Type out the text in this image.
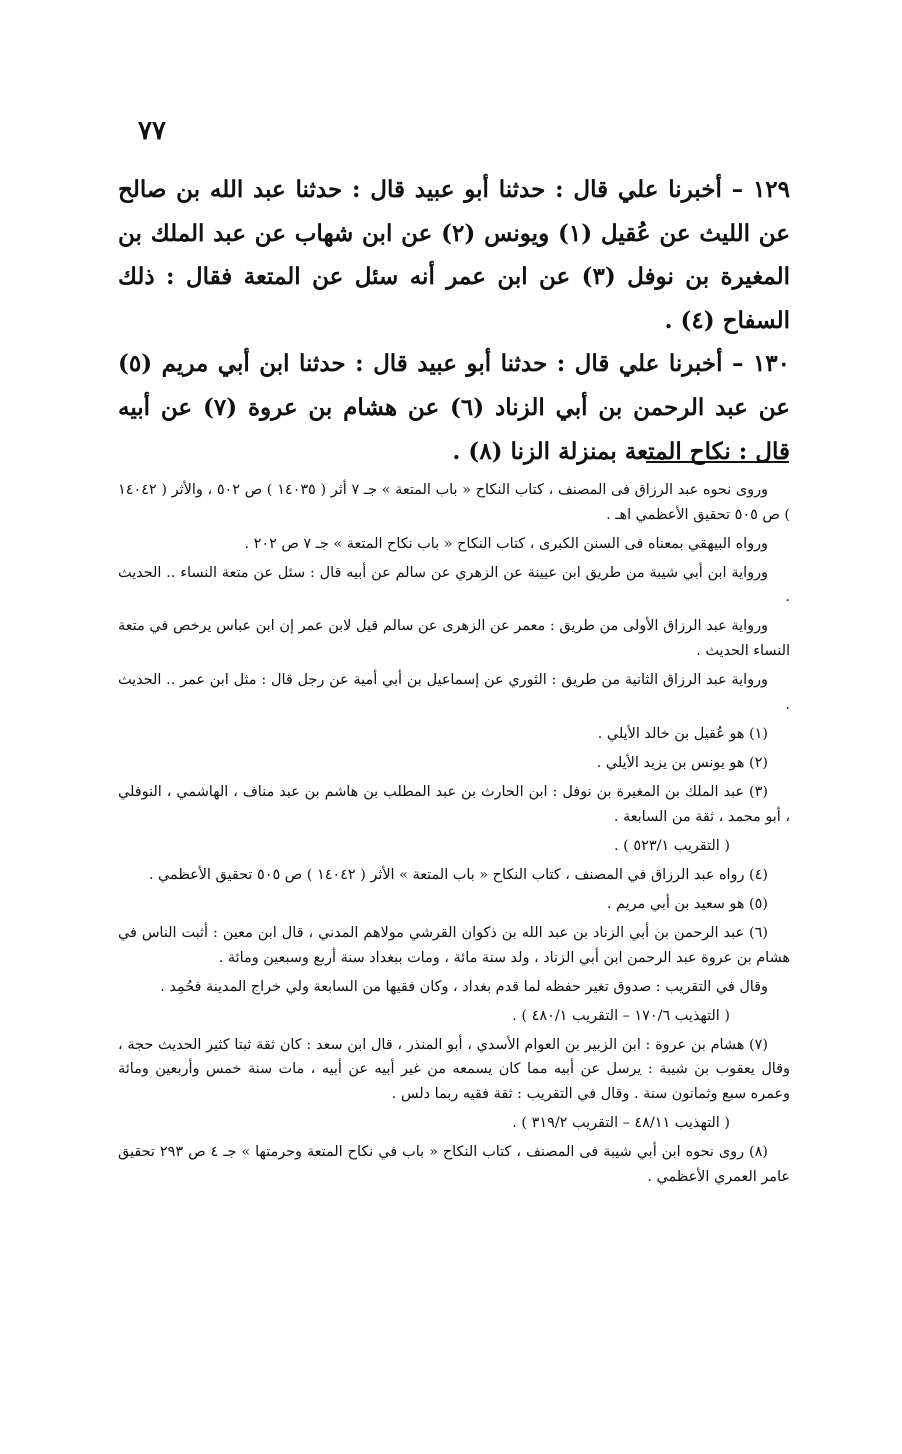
٧٧

١٢٩ – أخبرنا علي قال : حدثنا أبو عبيد قال : حدثنا عبد الله بن صالح عن الليث عن عُقيل (١) ويونس (٢) عن ابن شهاب عن عبد الملك بن المغيرة بن نوفل (٣) عن ابن عمر أنه سئل عن المتعة فقال : ذلك السفاح (٤) .

١٣٠ – أخبرنا علي قال : حدثنا أبو عبيد قال : حدثنا ابن أبي مريم (٥) عن عبد الرحمن بن أبي الزناد (٦) عن هشام بن عروة (٧) عن أبيه قال : نكاح المتعة بمنزلة الزنا (٨) .

وروى نحوه عبد الرزاق فى المصنف ، كتاب النكاح « باب المتعة » جـ ٧ أثر ( ١٤٠٣٥ ) ص ٥٠٢ ، والأثر ( ١٤٠٤٢ ) ص ٥٠٥ تحقيق الأعظمي اهـ .

ورواه البيهقي بمعناه فى السنن الكبرى ، كتاب النكاح « باب نكاح المتعة » جـ ٧ ص ٢٠٢ .

ورواية ابن أبي شيبة من طريق ابن عيينة عن الزهري عن سالم عن أبيه قال : سئل عن متعة النساء .. الحديث .

ورواية عبد الرزاق الأولى من طريق : معمر عن الزهرى عن سالم قيل لابن عمر إن ابن عباس يرخص في متعة النساء الحديث .

ورواية عبد الرزاق الثانية من طريق : الثوري عن إسماعيل بن أبي أمية عن رجل قال : مثل ابن عمر .. الحديث .

(١) هو عُقيل بن خالد الأيلي .

(٢) هو يونس بن يزيد الأيلي .

(٣) عبد الملك بن المغيرة بن نوفل : ابن الحارث بن عبد المطلب بن هاشم بن عبد مناف ، الهاشمي ، النوفلي ، أبو محمد ، ثقة من السابعة .

( التقريب ٥٢٣/١ ) .

(٤) رواه عبد الرزاق في المصنف ، كتاب النكاح « باب المتعة » الأثر ( ١٤٠٤٢ ) ص ٥٠٥ تحقيق الأعظمي .

(٥) هو سعيد بن أبي مريم .

(٦) عبد الرحمن بن أبي الزناد بن عبد الله بن ذكوان القرشي مولاهم المدني ، قال ابن معين : أثبت الناس في هشام بن عروة عبد الرحمن ابن أبي الزناد ، ولد سنة مائة ، ومات ببغداد سنة أربع وسبعين ومائة .

وقال في التقريب : صدوق تغير حفظه لما قدم بغداد ، وكان فقيها من السابعة ولي خراج المدينة فحُمِد .

( التهذيب ١٧٠/٦ – التقريب ٤٨٠/١ ) .

(٧) هشام بن عروة : ابن الزبير بن العوام الأسدي ، أبو المنذر ، قال ابن سعد : كان ثقة ثبتا كثير الحديث حجة ، وقال يعقوب بن شيبة : يرسل عن أبيه مما كان يسمعه من غير أبيه عن أبيه ، مات سنة خمس وأربعين ومائة وعمره سبع وثمانون سنة . وقال في التقريب : ثقة فقيه ربما دلس .

( التهذيب ٤٨/١١ – التقريب ٣١٩/٢ ) .

(٨) روى نحوه ابن أبي شيبة فى المصنف ، كتاب النكاح « باب في نكاح المتعة وحرمتها » جـ ٤ ص ٢٩٣ تحقيق عامر العمري الأعظمي .
